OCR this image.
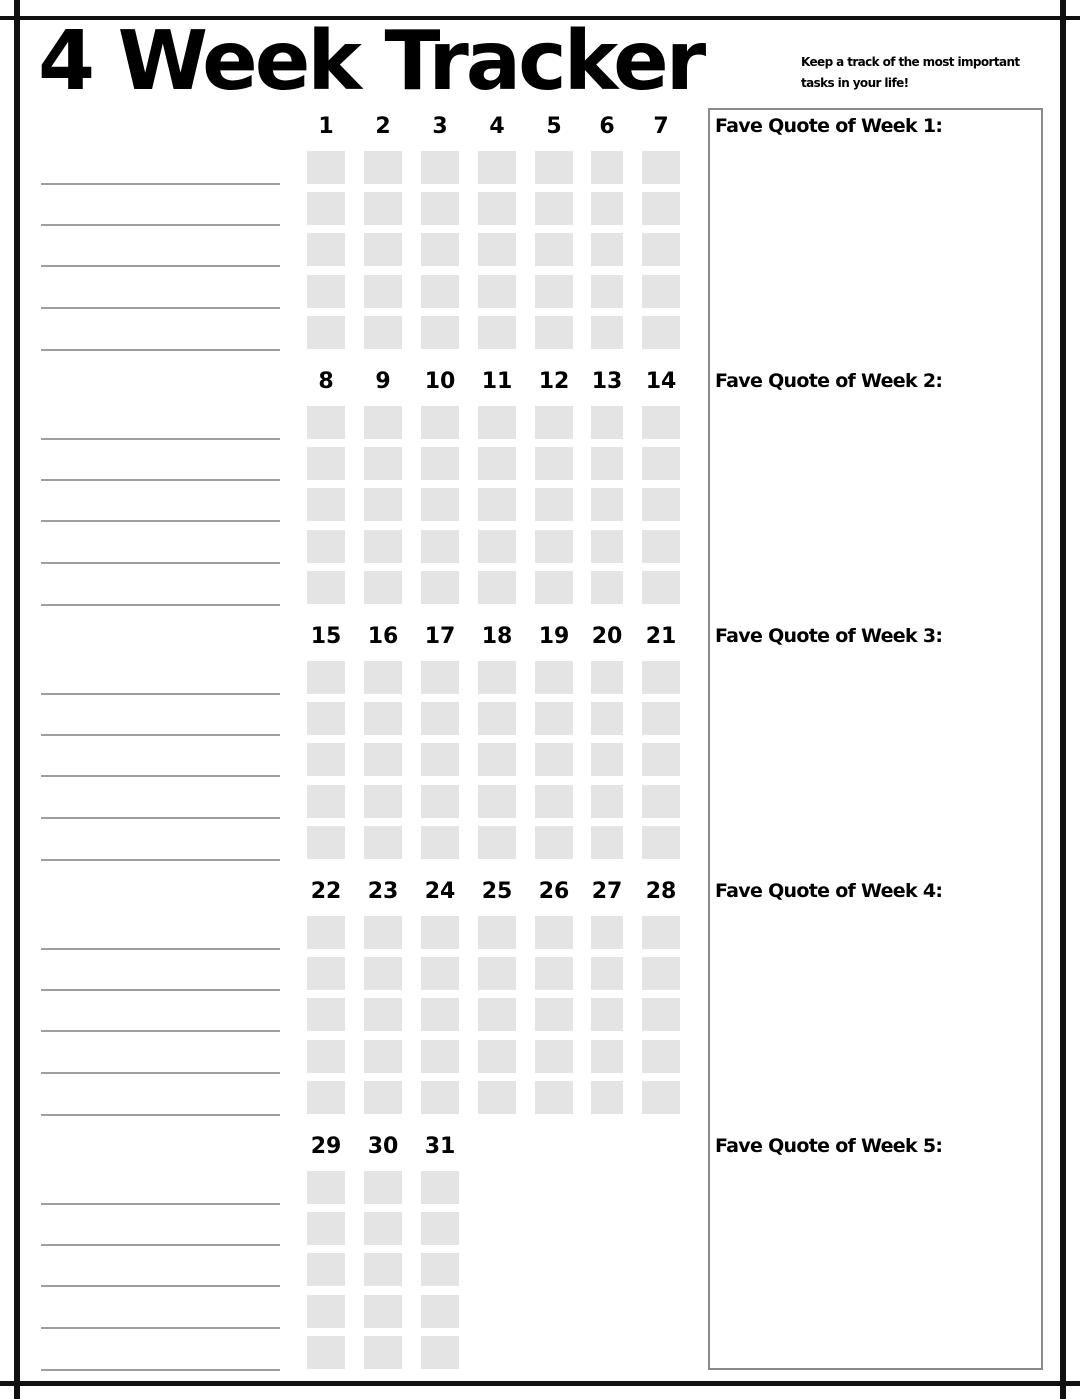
4 Week Tracker	Keep a track of the most important tasks in your life!
1	2	3	4	5	6	7
8	9	10	11	12	13	14
15	16	17	18	19	20	21
22	23	24	25	26	27	28
29	30	31
Fave Quote of Week 1:
Fave Quote of Week 2:
Fave Quote of Week 3:
Fave Quote of Week 4:
Fave Quote of Week 5:
